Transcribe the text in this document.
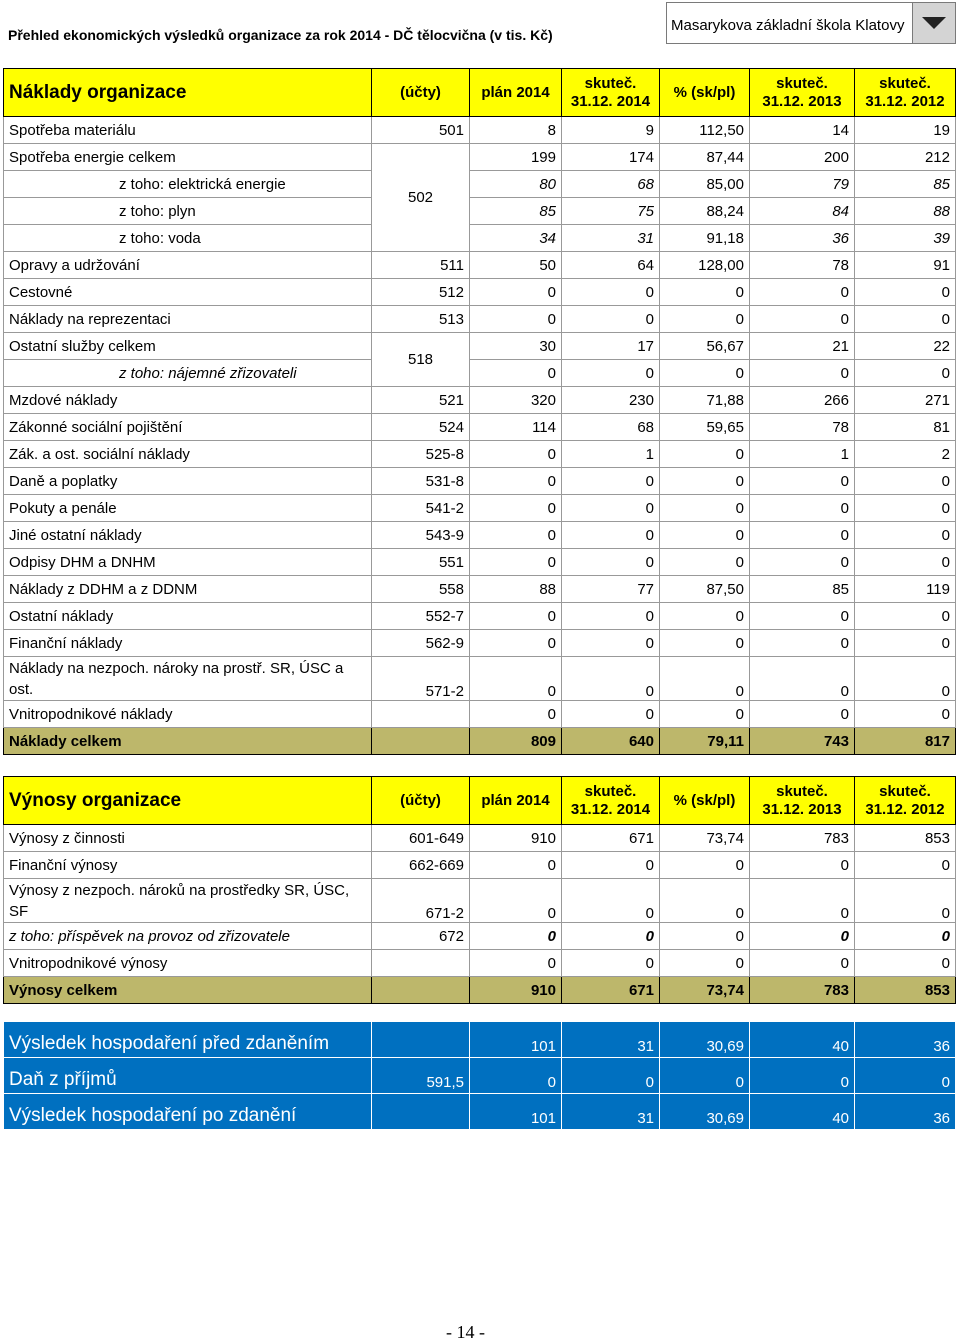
Přehled ekonomických výsledků organizace za rok 2014 - DČ tělocvična (v tis. Kč)
Masarykova základní škola Klatovy
Náklady organizace	(účty)	plán 2014	skuteč. 31.12. 2014	% (sk/pl)	skuteč. 31.12. 2013	skuteč. 31.12. 2012
Spotřeba materiálu	501	8	9	112,50	14	19
Spotřeba energie celkem	502	199	174	87,44	200	212
z toho: elektrická energie		80	68	85,00	79	85
z toho: plyn		85	75	88,24	84	88
z toho: voda		34	31	91,18	36	39
Opravy a udržování	511	50	64	128,00	78	91
Cestovné	512	0	0	0	0	0
Náklady na reprezentaci	513	0	0	0	0	0
Ostatní služby celkem	518	30	17	56,67	21	22
z toho: nájemné zřizovateli		0	0	0	0	0
Mzdové náklady	521	320	230	71,88	266	271
Zákonné sociální pojištění	524	114	68	59,65	78	81
Zák. a ost. sociální náklady	525-8	0	1	0	1	2
Daně a poplatky	531-8	0	0	0	0	0
Pokuty a penále	541-2	0	0	0	0	0
Jiné ostatní náklady	543-9	0	0	0	0	0
Odpisy DHM a DNHM	551	0	0	0	0	0
Náklady z DDHM a z DDNM	558	88	77	87,50	85	119
Ostatní náklady	552-7	0	0	0	0	0
Finanční náklady	562-9	0	0	0	0	0
Náklady na nezpoch. nároky na prostř. SR, ÚSC a ost.	571-2	0	0	0	0	0
Vnitropodnikové náklady		0	0	0	0	0
Náklady celkem		809	640	79,11	743	817
Výnosy organizace	(účty)	plán 2014	skuteč. 31.12. 2014	% (sk/pl)	skuteč. 31.12. 2013	skuteč. 31.12. 2012
Výnosy z činnosti	601-649	910	671	73,74	783	853
Finanční výnosy	662-669	0	0	0	0	0
Výnosy z nezpoch. nároků na prostředky SR, ÚSC, SF	671-2	0	0	0	0	0
z toho: příspěvek na provoz od zřizovatele	672	0	0	0	0	0
Vnitropodnikové výnosy		0	0	0	0	0
Výnosy celkem		910	671	73,74	783	853
Výsledek hospodaření před zdaněním		101	31	30,69	40	36
Daň z příjmů	591,5	0	0	0	0	0
Výsledek hospodaření po zdanění		101	31	30,69	40	36
- 14 -
